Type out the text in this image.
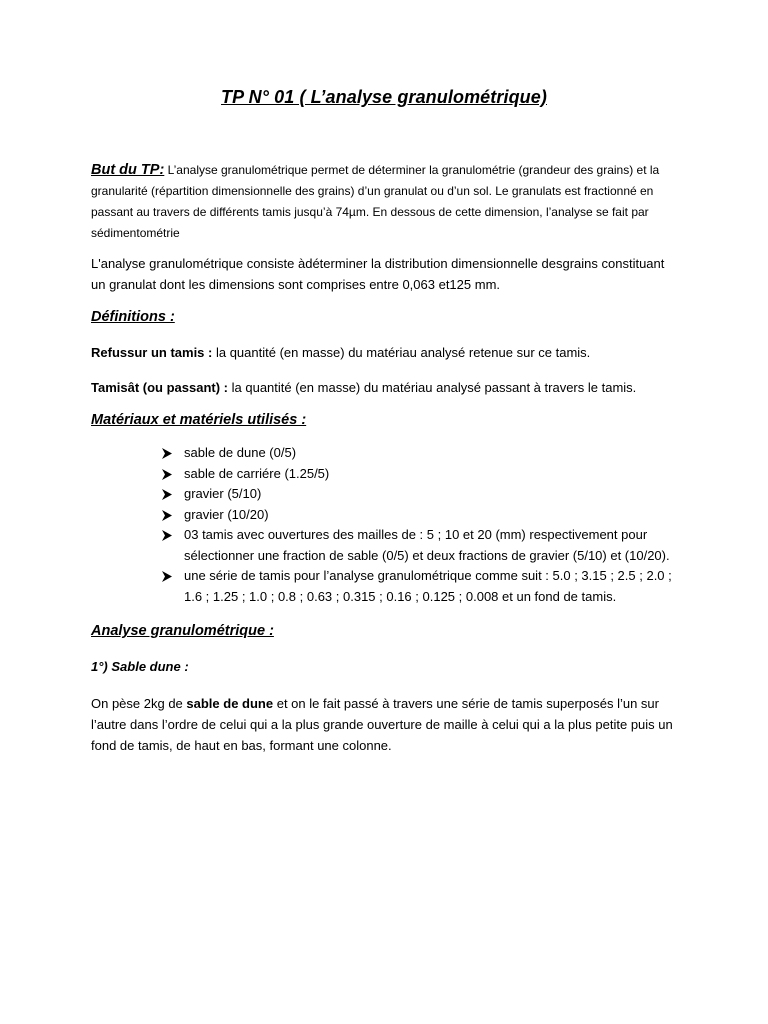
TP N° 01 ( L’analyse granulométrique)

But du TP: L’analyse granulométrique permet de déterminer la granulométrie (grandeur des grains) et la granularité (répartition dimensionnelle des grains) d’un granulat ou d’un sol. Le granulats est fractionné en passant au travers de différents tamis jusqu’à 74µm. En dessous de cette dimension, l’analyse se fait par sédimentométrie

L'analyse granulométrique consiste àdéterminer la distribution dimensionnelle desgrains constituant un granulat dont les dimensions sont comprises entre 0,063 et125 mm.

Définitions :

Refussur un tamis : la quantité (en masse) du matériau analysé retenue sur ce tamis.

Tamisât (ou passant) : la quantité (en masse) du matériau analysé passant à travers le tamis.

Matériaux et matériels utilisés :
sable de dune (0/5)
sable de carriére (1.25/5)
gravier (5/10)
gravier (10/20)
03 tamis avec ouvertures des mailles de : 5 ; 10 et 20 (mm) respectivement pour sélectionner une fraction de sable (0/5) et deux fractions de gravier (5/10) et (10/20).
une série de tamis pour l’analyse granulométrique comme suit : 5.0 ; 3.15 ; 2.5 ; 2.0 ; 1.6 ; 1.25 ; 1.0 ; 0.8 ; 0.63 ; 0.315 ; 0.16 ; 0.125 ; 0.008 et un fond de tamis.
Analyse granulométrique :

1°) Sable dune :

On pèse 2kg de sable de dune et on le fait passé à travers une série de tamis superposés l’un sur l’autre dans l’ordre de celui qui a la plus grande ouverture de maille à celui qui a la plus petite puis un fond de tamis, de haut en bas, formant une colonne.
